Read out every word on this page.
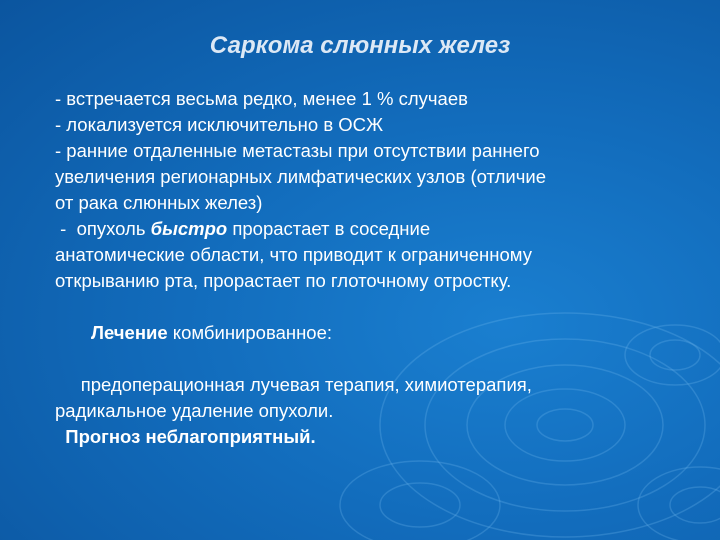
Саркома слюнных желез
- встречается весьма редко, менее 1 % случаев
- локализуется исключительно в ОСЖ
- ранние отдаленные метастазы при отсутствии раннего
увеличения регионарных лимфатических узлов (отличие
от рака слюнных желез)
-  опухоль быстро прорастает в соседние
анатомические области, что приводит к ограниченному
открыванию рта, прорастает по глоточному отростку.

Лечение комбинированное:

предоперационная лучевая терапия, химиотерапия,
радикальное удаление опухоли.
Прогноз неблагоприятный.
